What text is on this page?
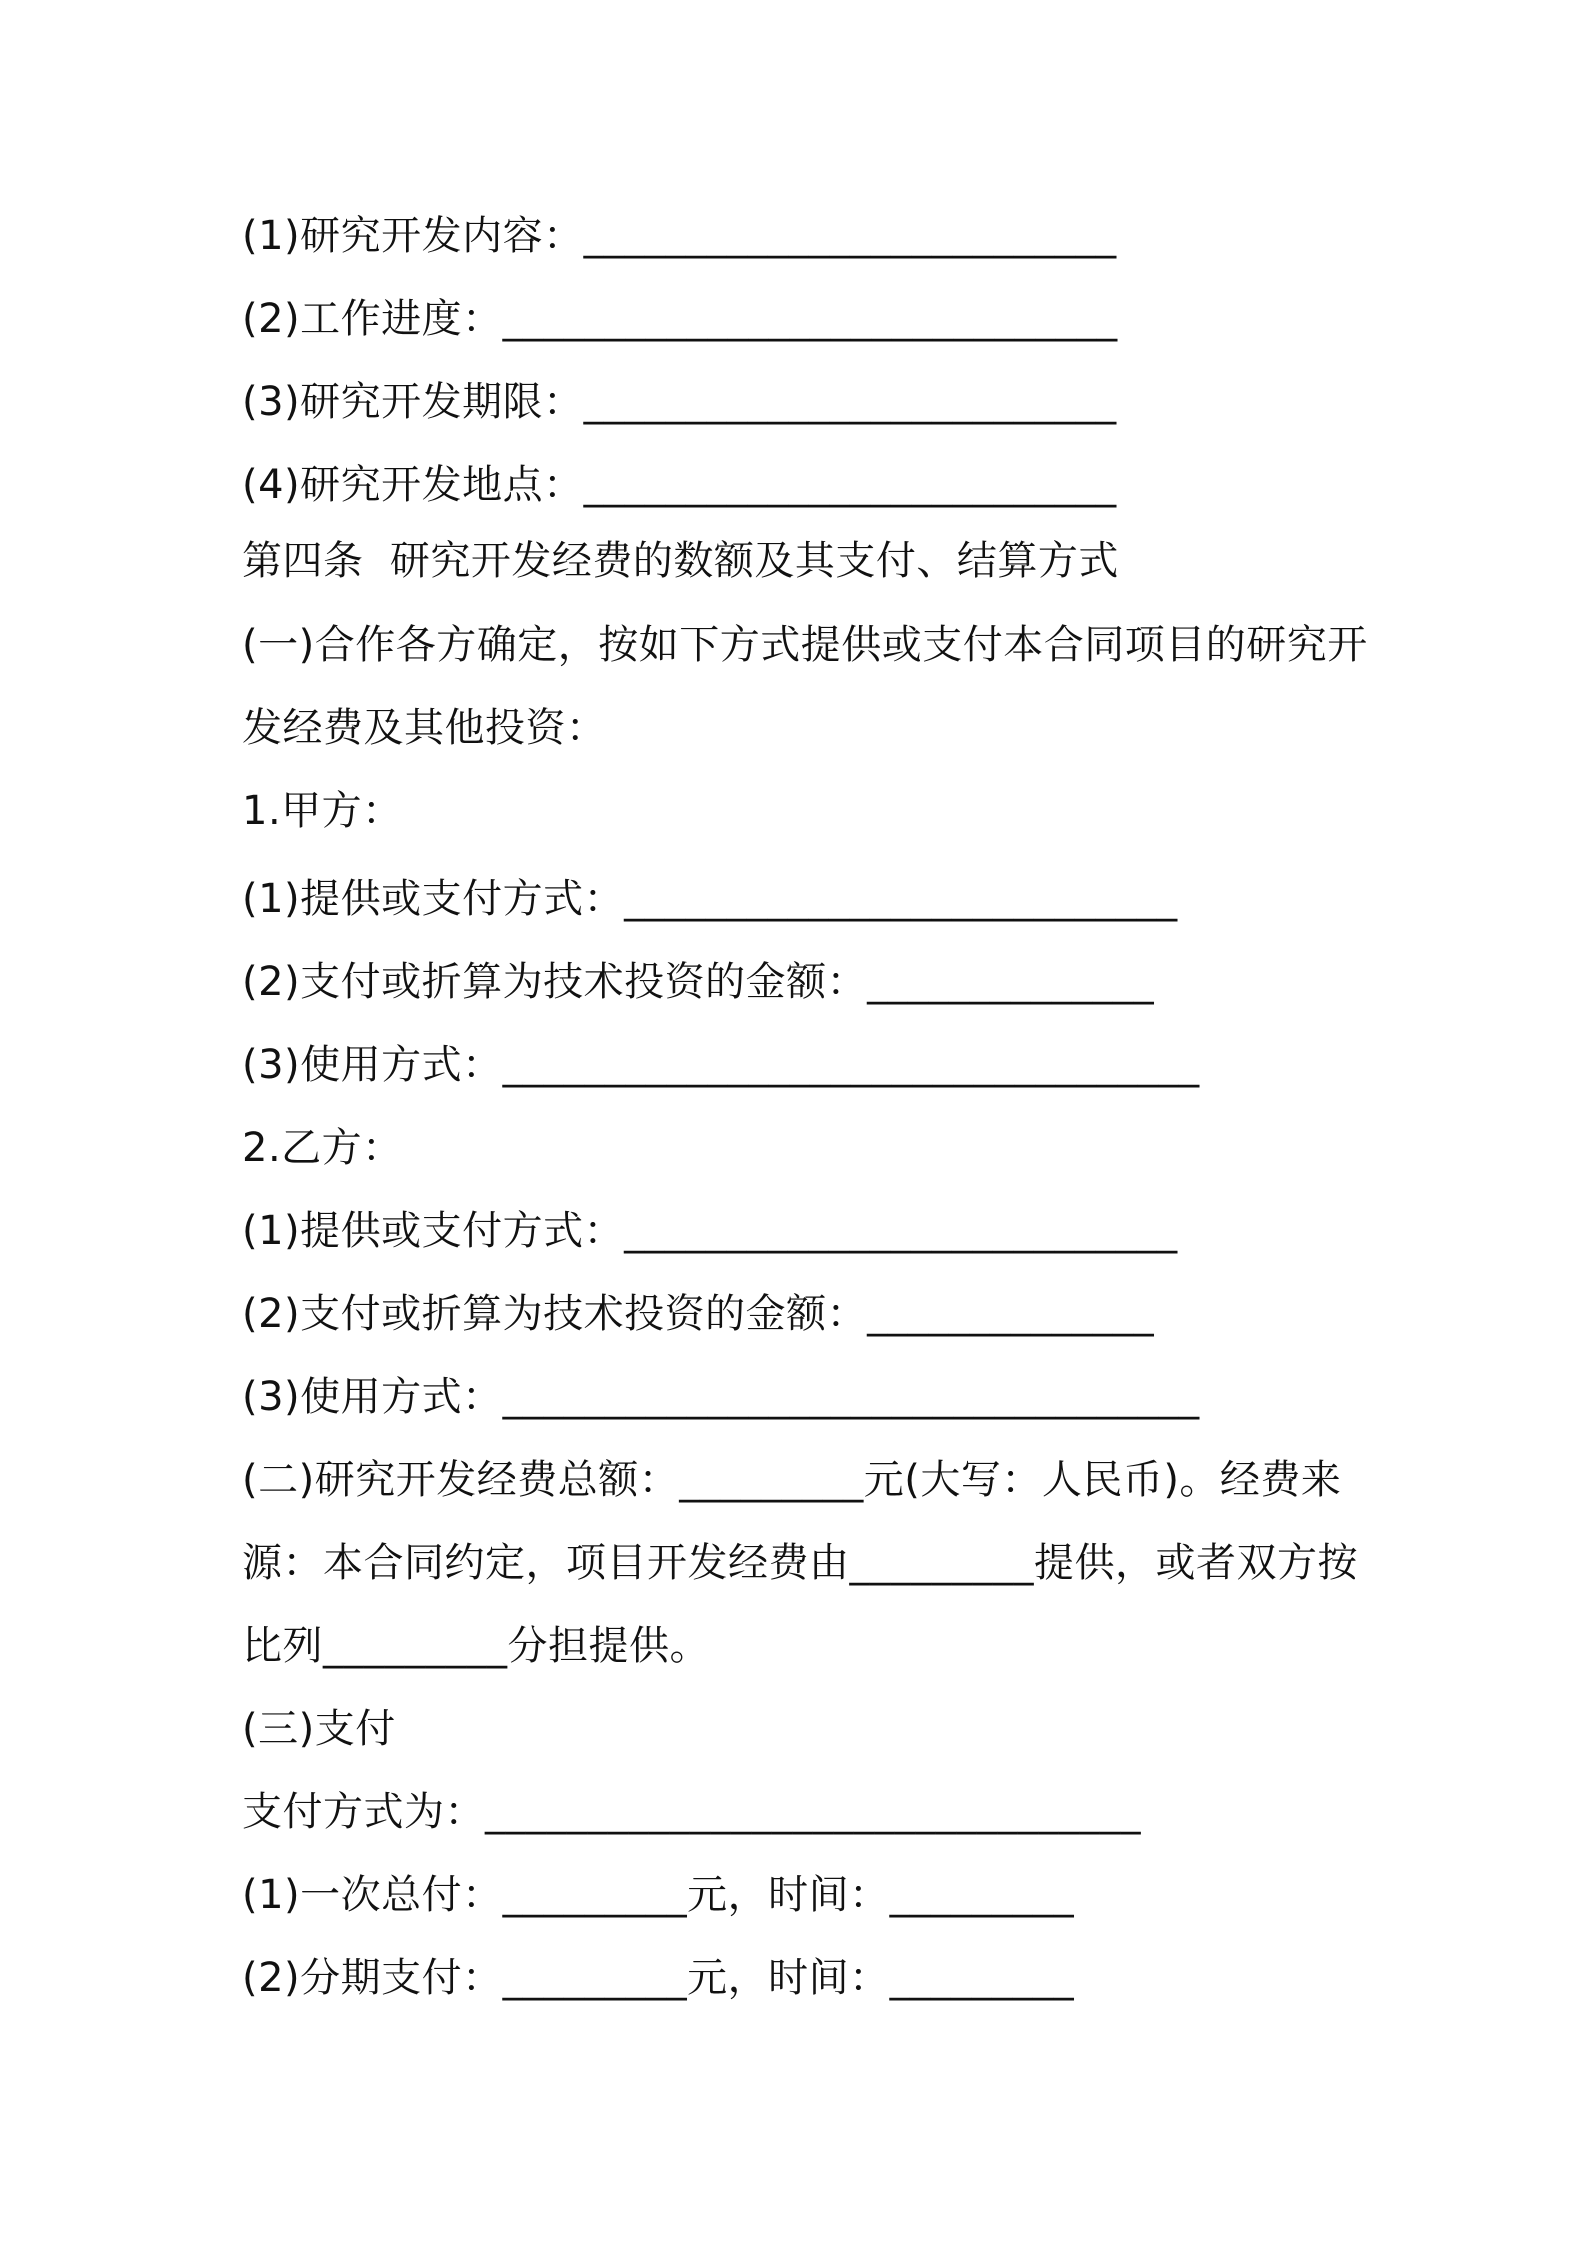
(1)研究开发内容：__________________________
(2)工作进度：______________________________
(3)研究开发期限：__________________________
(4)研究开发地点：__________________________
第四条  研究开发经费的数额及其支付、结算方式
(一)合作各方确定，按如下方式提供或支付本合同项目的研究开
发经费及其他投资：
1.甲方：
(1)提供或支付方式：___________________________
(2)支付或折算为技术投资的金额：______________
(3)使用方式：__________________________________
2.乙方：
(1)提供或支付方式：___________________________
(2)支付或折算为技术投资的金额：______________
(3)使用方式：__________________________________
(二)研究开发经费总额：_________元(大写：人民币)。经费来
源：本合同约定，项目开发经费由_________提供，或者双方按
比列_________分担提供。
(三)支付
支付方式为：________________________________
(1)一次总付：_________元，时间：_________
(2)分期支付：_________元，时间：_________
